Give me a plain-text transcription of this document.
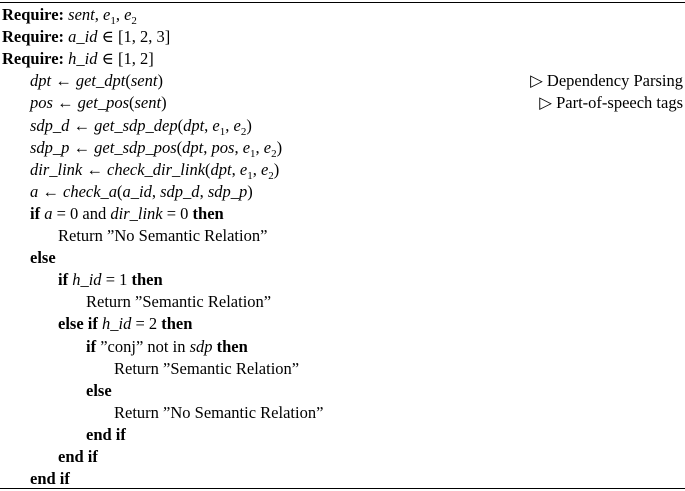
Require: sent, $e_1$, $e_2$
Require: a_id ∈ [1, 2, 3]
Require: h_id ∈ [1, 2]
dpt ← get_dpt(sent)	▷ Dependency Parsing
pos ← get_pos(sent)	▷ Part-of-speech tags
sdp_d ← get_sdp_dep(dpt, $e_1$, $e_2$)
sdp_p ← get_sdp_pos(dpt, pos, $e_1$, $e_2$)
dir_link ← check_dir_link(dpt, $e_1$, $e_2$)
a ← check_a(a_id, sdp_d, sdp_p)
if a = 0 and dir_link = 0 then
Return ”No Semantic Relation”
else
if h_id = 1 then
Return ”Semantic Relation”
else if h_id = 2 then
if ”conj” not in sdp then
Return ”Semantic Relation”
else
Return ”No Semantic Relation”
end if
end if
end if
